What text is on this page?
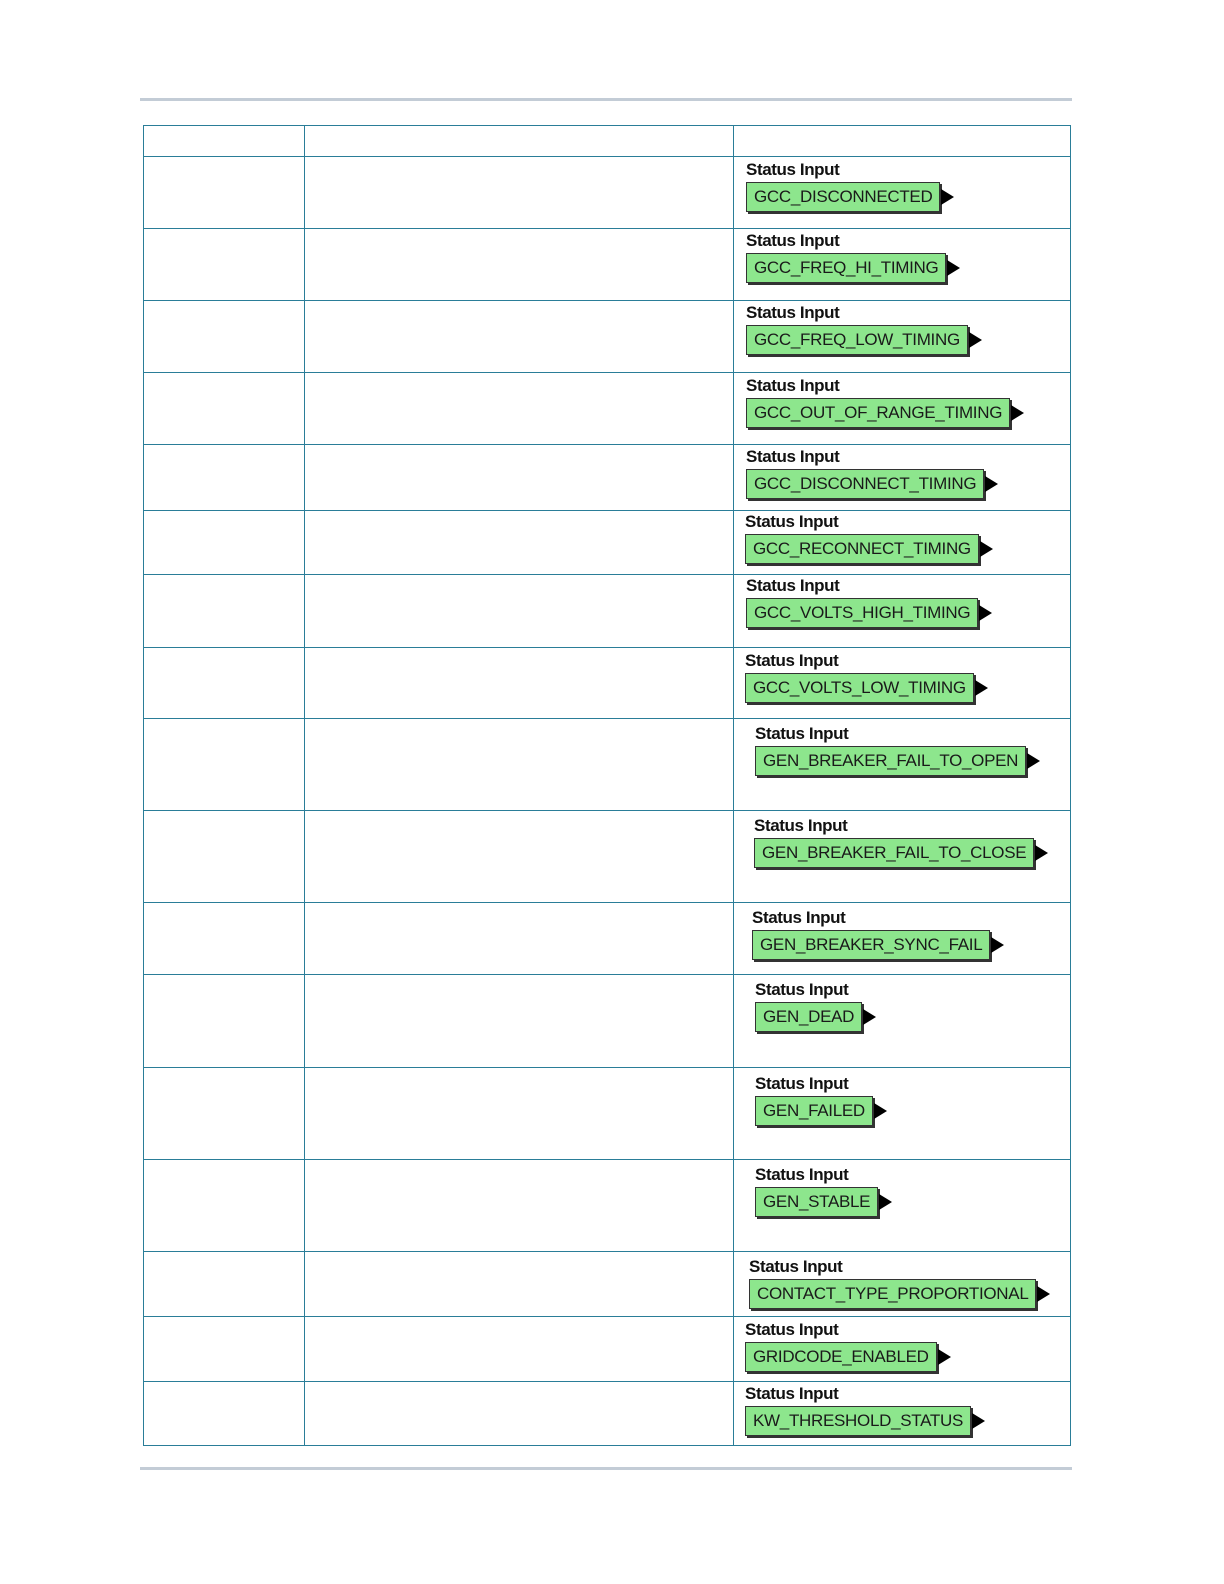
		Status Input
GCC_DISCONNECTED

		Status Input
GCC_FREQ_HI_TIMING

		Status Input
GCC_FREQ_LOW_TIMING

		Status Input
GCC_OUT_OF_RANGE_TIMING

		Status Input
GCC_DISCONNECT_TIMING

		Status Input
GCC_RECONNECT_TIMING

		Status Input
GCC_VOLTS_HIGH_TIMING

		Status Input
GCC_VOLTS_LOW_TIMING

		Status Input
GEN_BREAKER_FAIL_TO_OPEN

		Status Input
GEN_BREAKER_FAIL_TO_CLOSE

		Status Input
GEN_BREAKER_SYNC_FAIL

		Status Input
GEN_DEAD

		Status Input
GEN_FAILED

		Status Input
GEN_STABLE

		Status Input
CONTACT_TYPE_PROPORTIONAL

		Status Input
GRIDCODE_ENABLED

		Status Input
KW_THRESHOLD_STATUS
